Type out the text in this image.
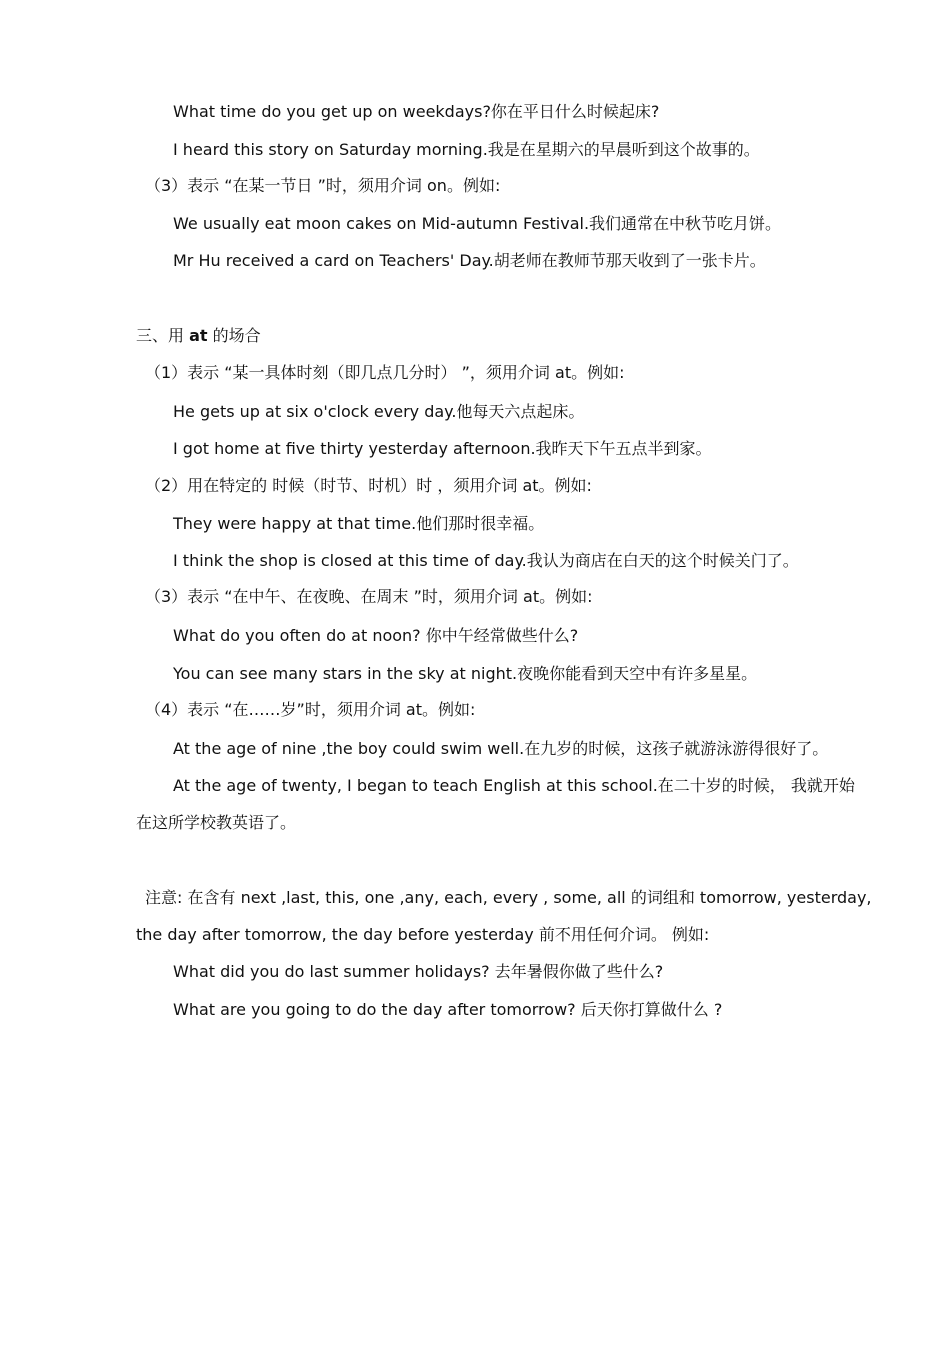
What time do you get up on weekdays?你在平日什么时候起床?
I heard this story on Saturday morning.我是在星期六的早晨听到这个故事的。
（3）表示 “在某一节日 ”时，须用介词 on。例如:
We usually eat moon cakes on Mid-autumn Festival.我们通常在中秋节吃月饼。
Mr Hu received a card on Teachers' Day.胡老师在教师节那天收到了一张卡片。
三、用 at 的场合
（1）表示 “某一具体时刻（即几点几分时） ”，须用介词 at。例如:
He gets up at six o'clock every day.他每天六点起床。
I got home at five thirty yesterday afternoon.我昨天下午五点半到家。
（2）用在特定的 时候（时节、时机）时 ，须用介词 at。例如:
They were happy at that time.他们那时很幸福。
I think the shop is closed at this time of day.我认为商店在白天的这个时候关门了。
（3）表示 “在中午、在夜晚、在周末 ”时，须用介词 at。例如:
What do you often do at noon? 你中午经常做些什么?
You can see many stars in the sky at night.夜晚你能看到天空中有许多星星。
（4）表示 “在……岁”时，须用介词 at。例如:
At the age of nine ,the boy could swim well.在九岁的时候，这孩子就游泳游得很好了。
At the age of twenty, I began to teach English at this school.在二十岁的时候， 我就开始
在这所学校教英语了。
注意: 在含有 next ,last, this, one ,any, each, every , some, all 的词组和 tomorrow, yesterday,
the day after tomorrow, the day before yesterday 前不用任何介词。 例如:
What did you do last summer holidays? 去年暑假你做了些什么?
What are you going to do the day after tomorrow? 后天你打算做什么 ?
